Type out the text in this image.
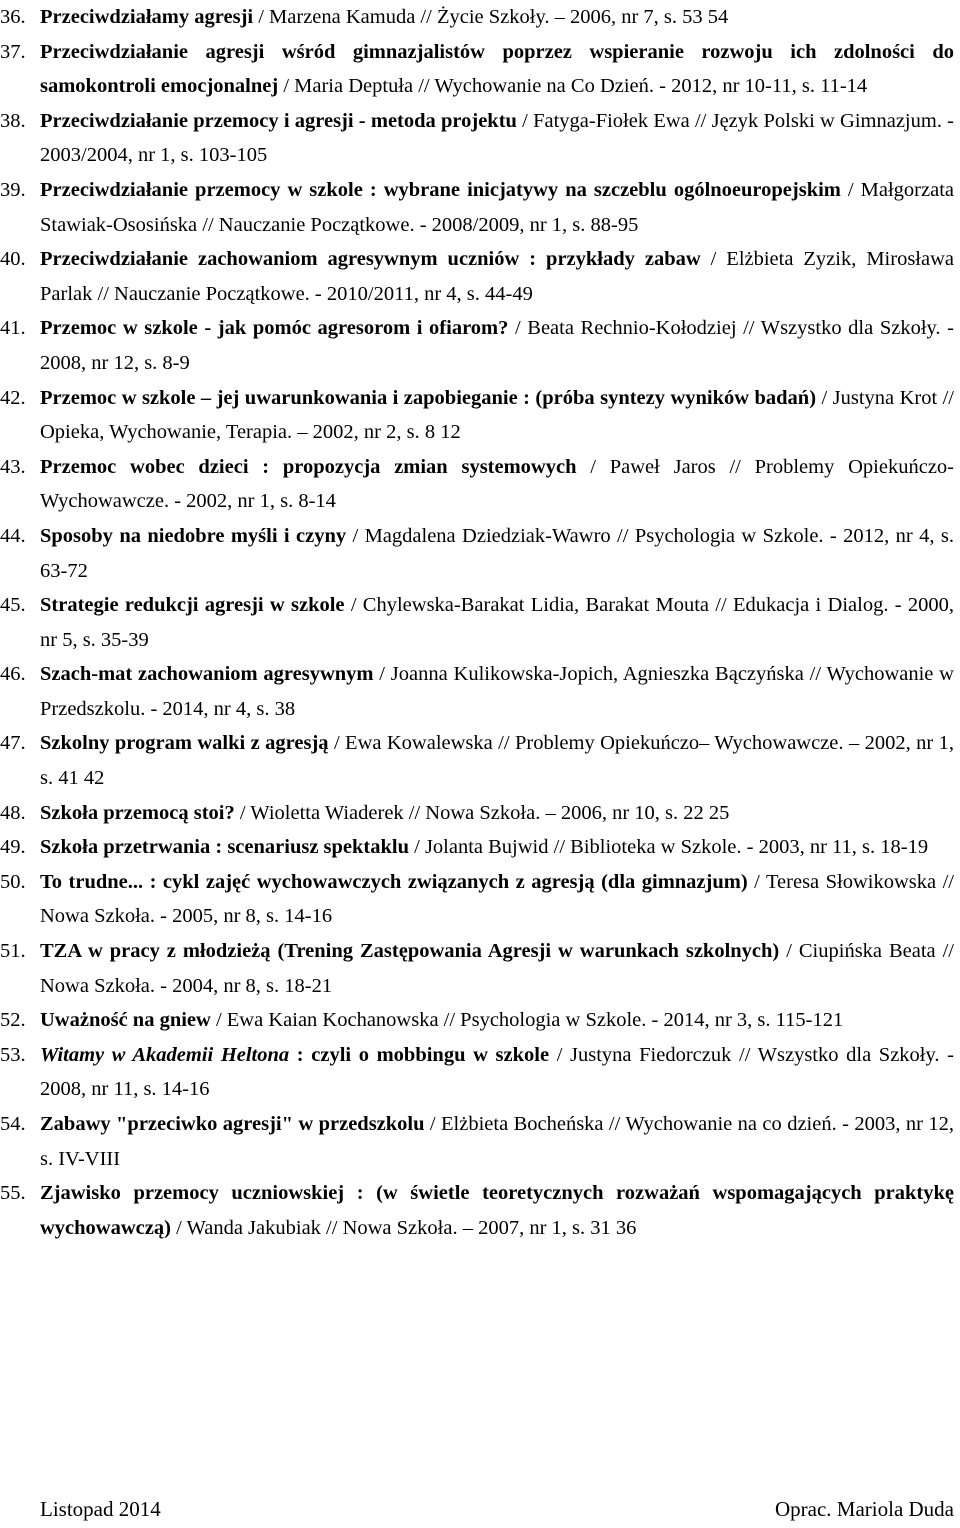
36. Przeciwdziałamy agresji / Marzena Kamuda // Życie Szkoły. – 2006, nr 7, s. 53 54
37. Przeciwdziałanie agresji wśród gimnazjalistów poprzez wspieranie rozwoju ich zdolności do samokontroli emocjonalnej / Maria Deptuła // Wychowanie na Co Dzień. - 2012, nr 10-11, s. 11-14
38. Przeciwdziałanie przemocy i agresji - metoda projektu / Fatyga-Fiołek Ewa // Język Polski w Gimnazjum. - 2003/2004, nr 1, s. 103-105
39. Przeciwdziałanie przemocy w szkole : wybrane inicjatywy na szczeblu ogólnoeuropejskim / Małgorzata Stawiak-Ososińska // Nauczanie Początkowe. - 2008/2009, nr 1, s. 88-95
40. Przeciwdziałanie zachowaniom agresywnym uczniów : przykłady zabaw / Elżbieta Zyzik, Mirosława Parlak // Nauczanie Początkowe. - 2010/2011, nr 4, s. 44-49
41. Przemoc w szkole - jak pomóc agresorom i ofiarom? / Beata Rechnio-Kołodziej // Wszystko dla Szkoły. - 2008, nr 12, s. 8-9
42. Przemoc w szkole – jej uwarunkowania i zapobieganie : (próba syntezy wyników badań) / Justyna Krot // Opieka, Wychowanie, Terapia. – 2002, nr 2, s. 8 12
43. Przemoc wobec dzieci : propozycja zmian systemowych / Paweł Jaros // Problemy Opiekuńczo-Wychowawcze. - 2002, nr 1, s. 8-14
44. Sposoby na niedobre myśli i czyny / Magdalena Dziedziak-Wawro // Psychologia w Szkole. - 2012, nr 4, s. 63-72
45. Strategie redukcji agresji w szkole / Chylewska-Barakat Lidia, Barakat Mouta // Edukacja i Dialog. - 2000, nr 5, s. 35-39
46. Szach-mat zachowaniom agresywnym / Joanna Kulikowska-Jopich, Agnieszka Bączyńska // Wychowanie w Przedszkolu. - 2014, nr 4, s. 38
47. Szkolny program walki z agresją / Ewa Kowalewska // Problemy Opiekuńczo– Wychowawcze. – 2002, nr 1, s. 41 42
48. Szkoła przemocą stoi? / Wioletta Wiaderek // Nowa Szkoła. – 2006, nr 10, s. 22 25
49. Szkoła przetrwania : scenariusz spektaklu / Jolanta Bujwid // Biblioteka w Szkole. - 2003, nr 11, s. 18-19
50. To trudne... : cykl zajęć wychowawczych związanych z agresją (dla gimnazjum) / Teresa Słowikowska // Nowa Szkoła. - 2005, nr 8, s. 14-16
51. TZA w pracy z młodzieżą (Trening Zastępowania Agresji w warunkach szkolnych) / Ciupińska Beata // Nowa Szkoła. - 2004, nr 8, s. 18-21
52. Uważność na gniew / Ewa Kaian Kochanowska // Psychologia w Szkole. - 2014, nr 3, s. 115-121
53. Witamy w Akademii Heltona : czyli o mobbingu w szkole / Justyna Fiedorczuk // Wszystko dla Szkoły. - 2008, nr 11, s. 14-16
54. Zabawy "przeciwko agresji" w przedszkolu / Elżbieta Bocheńska // Wychowanie na co dzień. - 2003, nr 12, s. IV-VIII
55. Zjawisko przemocy uczniowskiej : (w świetle teoretycznych rozważań wspomagających praktykę wychowawczą) / Wanda Jakubiak // Nowa Szkoła. – 2007, nr 1, s. 31 36
Listopad 2014	Oprac. Mariola Duda
